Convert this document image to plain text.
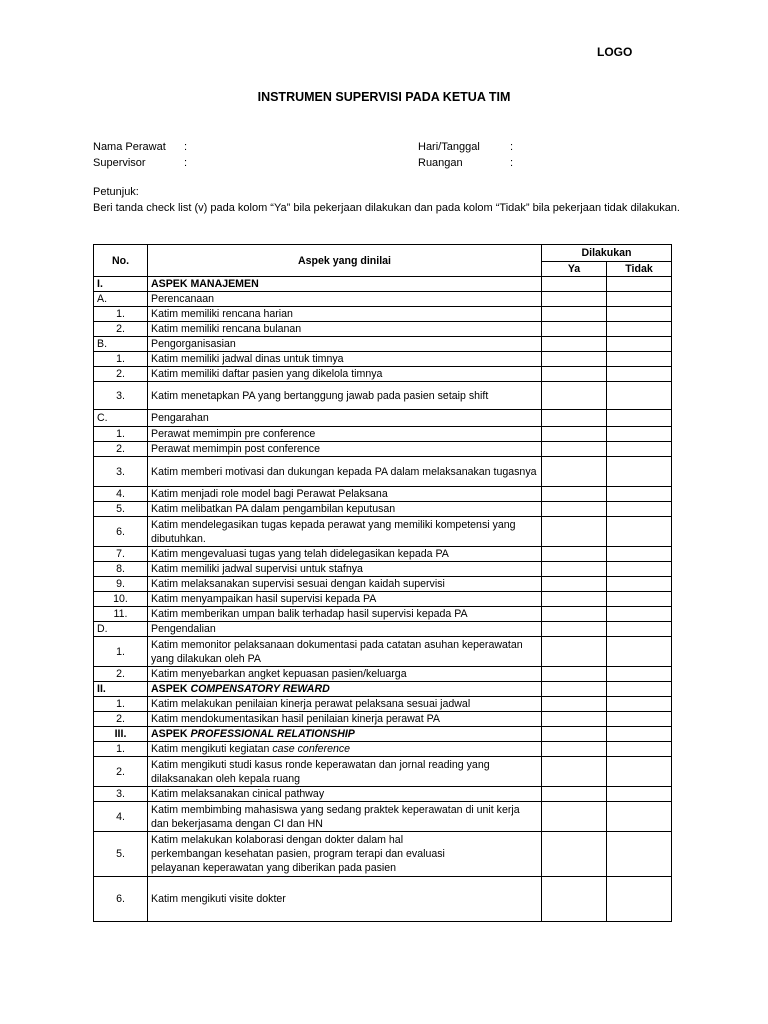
LOGO
INSTRUMEN SUPERVISI PADA KETUA TIM
Nama Perawat :
Supervisor	:
Hari/Tanggal	:
Ruangan	:
Petunjuk:
Beri tanda check list (v) pada kolom “Ya” bila pekerjaan dilakukan dan pada kolom “Tidak” bila pekerjaan tidak dilakukan.
No.	Aspek yang dinilai	Dilakukan	
		Ya	Tidak
I.	ASPEK MANAJEMEN		
A.	Perencanaan		
1.	Katim memiliki rencana harian		
2.	Katim memiliki rencana bulanan		
B.	Pengorganisasian		
1.	Katim memiliki jadwal dinas untuk timnya		
2.	Katim memiliki daftar pasien yang dikelola timnya		
3.	Katim menetapkan PA yang bertanggung jawab pada pasien setaip shift		
C.	Pengarahan		
1.	Perawat memimpin pre conference		
2.	Perawat memimpin post conference		
3.	Katim memberi motivasi dan dukungan kepada PA dalam melaksanakan tugasnya		
4.	Katim menjadi role model bagi Perawat Pelaksana		
5.	Katim melibatkan PA dalam pengambilan keputusan		
6.	Katim mendelegasikan tugas kepada perawat yang memiliki kompetensi yang dibutuhkan.		
7.	Katim mengevaluasi tugas yang telah didelegasikan kepada PA		
8.	Katim memiliki jadwal supervisi untuk stafnya		
9.	Katim melaksanakan supervisi sesuai dengan kaidah supervisi		
10.	Katim menyampaikan hasil supervisi kepada PA		
11.	Katim memberikan umpan balik terhadap hasil supervisi kepada PA		
D.	Pengendalian		
1.	Katim memonitor pelaksanaan dokumentasi pada catatan asuhan keperawatan yang dilakukan oleh PA		
2.	Katim menyebarkan angket kepuasan pasien/keluarga		
II.	ASPEK COMPENSATORY REWARD		
1.	Katim melakukan penilaian kinerja perawat pelaksana sesuai jadwal		
2.	Katim mendokumentasikan hasil penilaian kinerja perawat PA		
III.	ASPEK PROFESSIONAL RELATIONSHIP		
1.	Katim mengikuti kegiatan case conference		
2.	Katim mengikuti studi kasus ronde keperawatan dan jornal reading yang dilaksanakan oleh kepala ruang		
3.	Katim melaksanakan cinical pathway		
4.	Katim membimbing mahasiswa yang sedang praktek keperawatan di unit kerja dan bekerjasama dengan CI dan HN		
5.	Katim melakukan kolaborasi dengan dokter dalam hal
perkembangan kesehatan pasien, program terapi dan evaluasi
pelayanan keperawatan yang diberikan pada pasien		

6.	Katim mengikuti visite dokter		
